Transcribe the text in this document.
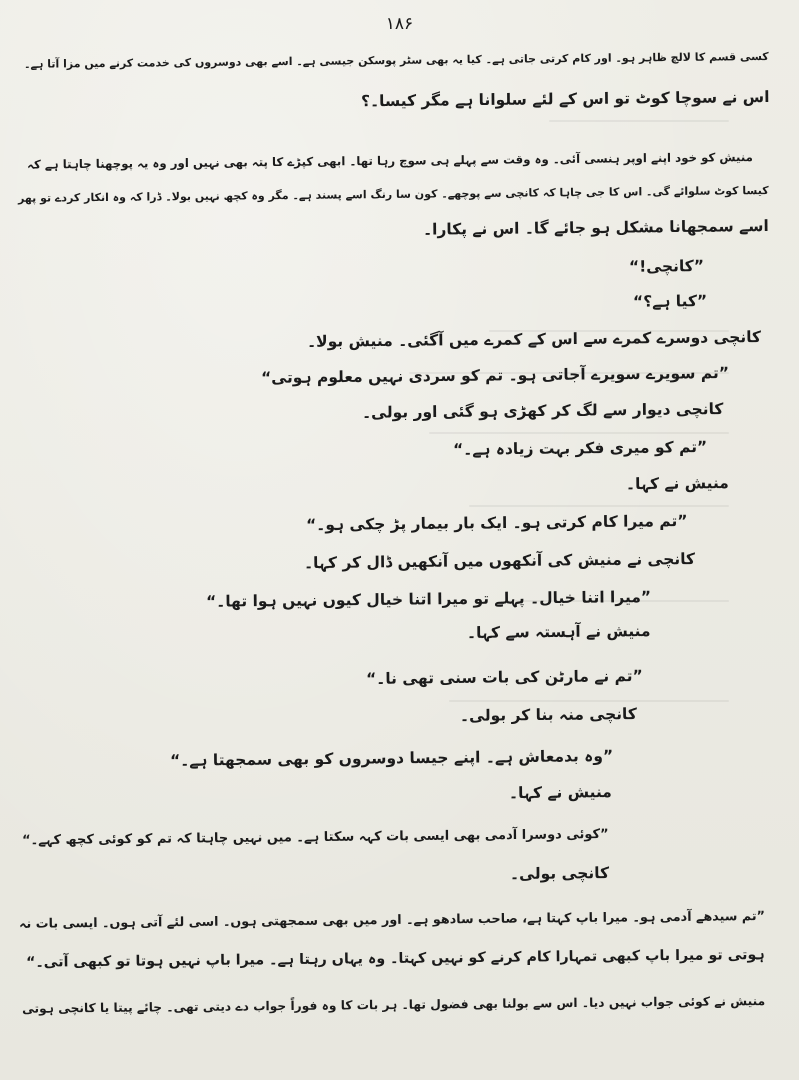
۱۸۶
کسی قسم کا لالچ ظاہر ہو۔ اور کام کرتی جاتی ہے۔ کیا یہ بھی سٹر پوسکن جیسی ہے۔ اسے بھی دوسروں کی خدمت کرنے میں مزا آتا ہے۔
اس نے سوچا کوٹ تو اس کے لئے سلوانا ہے مگر کیسا۔؟
منیش کو خود اپنے اوپر ہنسی آئی۔ وہ وقت سے پہلے ہی سوچ رہا تھا۔ ابھی کپڑے کا پتہ بھی نہیں اور وہ یہ پوچھنا چاہتا ہے کہ
کیسا کوٹ سلوائے گی۔ اس کا جی چاہا کہ کانچی سے پوچھے۔ کون سا رنگ اسے پسند ہے۔ مگر وہ کچھ نہیں بولا۔ ڈرا کہ وہ انکار کردے تو پھر
اسے سمجھانا مشکل ہو جائے گا۔ اس نے پکارا۔
”کانچی!“
”کیا ہے؟“
کانچی دوسرے کمرے سے اس کے کمرے میں آگئی۔ منیش بولا۔
”تم سویرے سویرے آجاتی ہو۔ تم کو سردی نہیں معلوم ہوتی“
کانچی دیوار سے لگ کر کھڑی ہو گئی اور بولی۔
”تم کو میری فکر بہت زیادہ ہے۔“
منیش نے کہا۔
”تم میرا کام کرتی ہو۔ ایک بار بیمار پڑ چکی ہو۔“
کانچی نے منیش کی آنکھوں میں آنکھیں ڈال کر کہا۔
”میرا اتنا خیال۔ پہلے تو میرا اتنا خیال کیوں نہیں ہوا تھا۔“
منیش نے آہستہ سے کہا۔
”تم نے مارٹن کی بات سنی تھی نا۔“
کانچی منہ بنا کر بولی۔
”وہ بدمعاش ہے۔ اپنے جیسا دوسروں کو بھی سمجھتا ہے۔“
منیش نے کہا۔
”کوئی دوسرا آدمی بھی ایسی بات کہہ سکتا ہے۔ میں نہیں چاہتا کہ تم کو کوئی کچھ کہے۔“
کانچی بولی۔
”تم سیدھے آدمی ہو۔ میرا باپ کہتا ہے، صاحب سادھو ہے۔ اور میں بھی سمجھتی ہوں۔ اسی لئے آتی ہوں۔ ایسی بات نہ
ہوتی تو میرا باپ کبھی تمہارا کام کرنے کو نہیں کہتا۔ وہ یہاں رہتا ہے۔ میرا باپ نہیں ہوتا تو کبھی آتی۔“
منیش نے کوئی جواب نہیں دیا۔ اس سے بولنا بھی فضول تھا۔ ہر بات کا وہ فوراً جواب دے دیتی تھی۔ چائے پیتا یا کانچی ہوتی
